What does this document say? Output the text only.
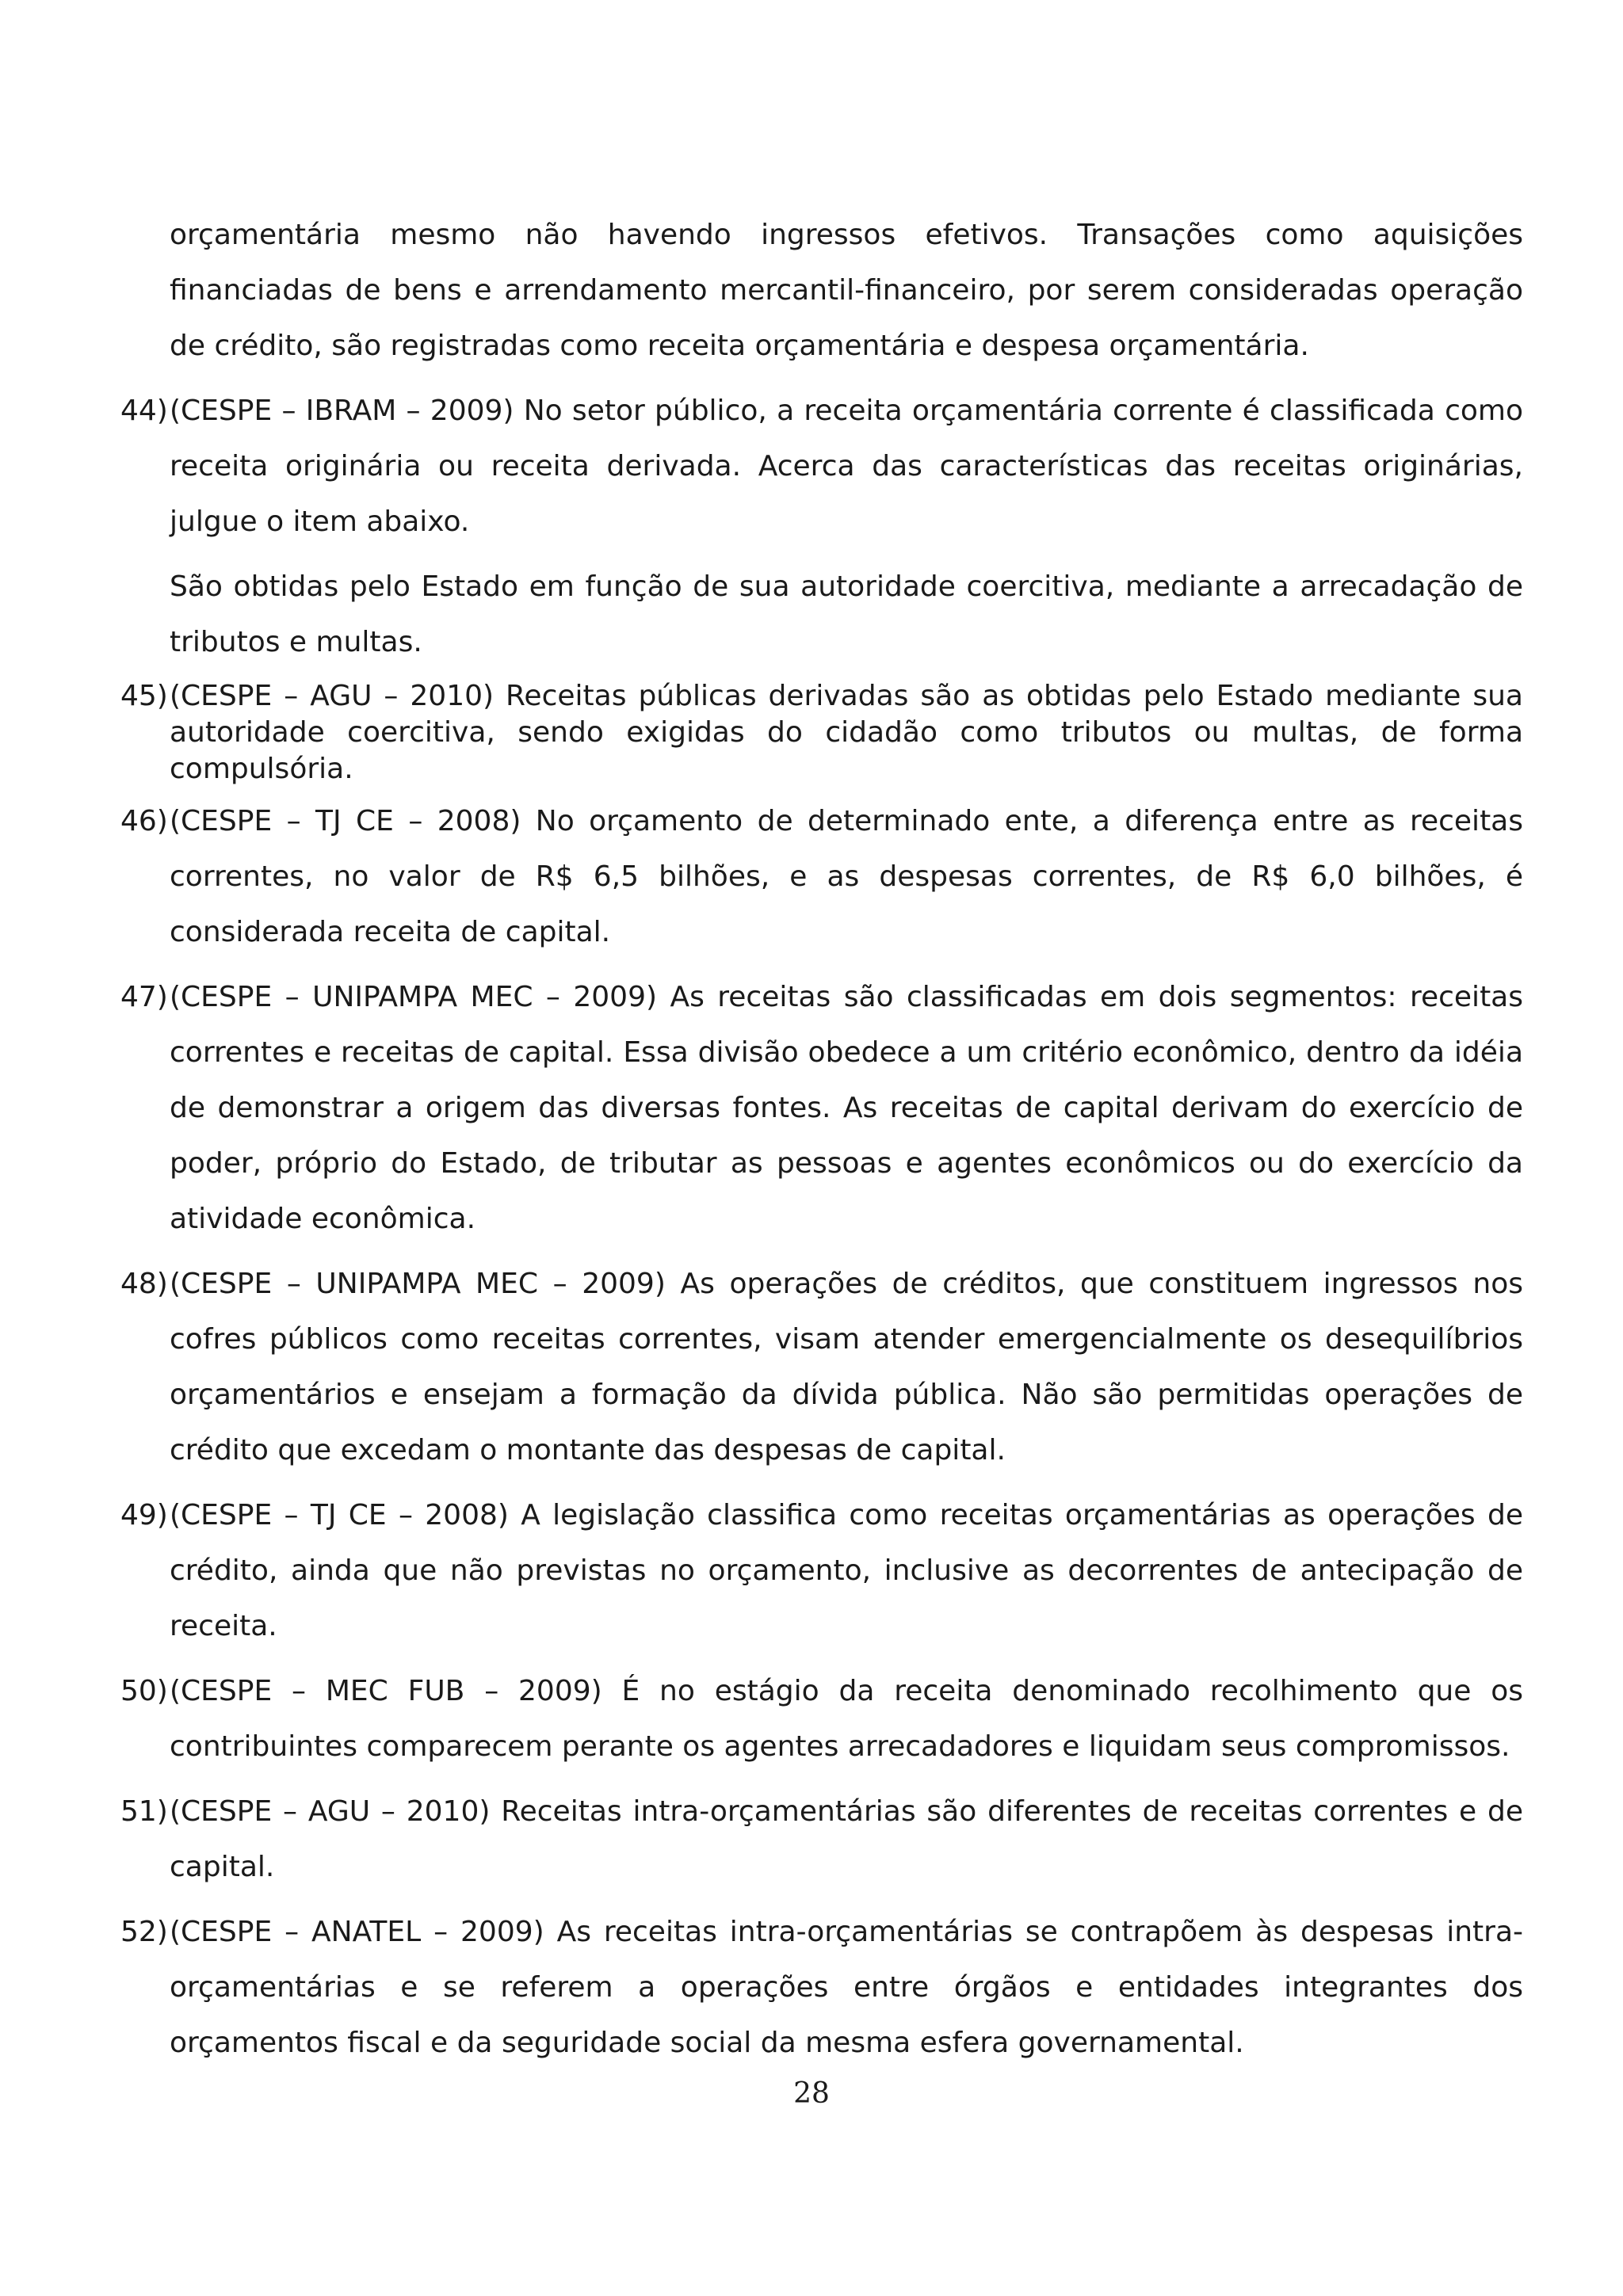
orçamentária mesmo não havendo ingressos efetivos. Transações como aquisições financiadas de bens e arrendamento mercantil-financeiro, por serem consideradas operação de crédito, são registradas como receita orçamentária e despesa orçamentária.

44) (CESPE – IBRAM – 2009) No setor público, a receita orçamentária corrente é classificada como receita originária ou receita derivada. Acerca das características das receitas originárias, julgue o item abaixo.
São obtidas pelo Estado em função de sua autoridade coercitiva, mediante a arrecadação de tributos e multas.
45) (CESPE – AGU – 2010) Receitas públicas derivadas são as obtidas pelo Estado mediante sua autoridade coercitiva, sendo exigidas do cidadão como tributos ou multas, de forma compulsória.
46) (CESPE – TJ CE – 2008) No orçamento de determinado ente, a diferença entre as receitas correntes, no valor de R$ 6,5 bilhões, e as despesas correntes, de R$ 6,0 bilhões, é considerada receita de capital.
47) (CESPE – UNIPAMPA MEC – 2009) As receitas são classificadas em dois segmentos: receitas correntes e receitas de capital. Essa divisão obedece a um critério econômico, dentro da idéia de demonstrar a origem das diversas fontes. As receitas de capital derivam do exercício de poder, próprio do Estado, de tributar as pessoas e agentes econômicos ou do exercício da atividade econômica.
48) (CESPE – UNIPAMPA MEC – 2009) As operações de créditos, que constituem ingressos nos cofres públicos como receitas correntes, visam atender emergencialmente os desequilíbrios orçamentários e ensejam a formação da dívida pública. Não são permitidas operações de crédito que excedam o montante das despesas de capital.
49) (CESPE – TJ CE – 2008) A legislação classifica como receitas orçamentárias as operações de crédito, ainda que não previstas no orçamento, inclusive as decorrentes de antecipação de receita.
50) (CESPE – MEC FUB – 2009) É no estágio da receita denominado recolhimento que os contribuintes comparecem perante os agentes arrecadadores e liquidam seus compromissos.
51) (CESPE – AGU – 2010) Receitas intra-orçamentárias são diferentes de receitas correntes e de capital.
52) (CESPE – ANATEL – 2009) As receitas intra-orçamentárias se contrapõem às despesas intra-orçamentárias e se referem a operações entre órgãos e entidades integrantes dos orçamentos fiscal e da seguridade social da mesma esfera governamental.
28
